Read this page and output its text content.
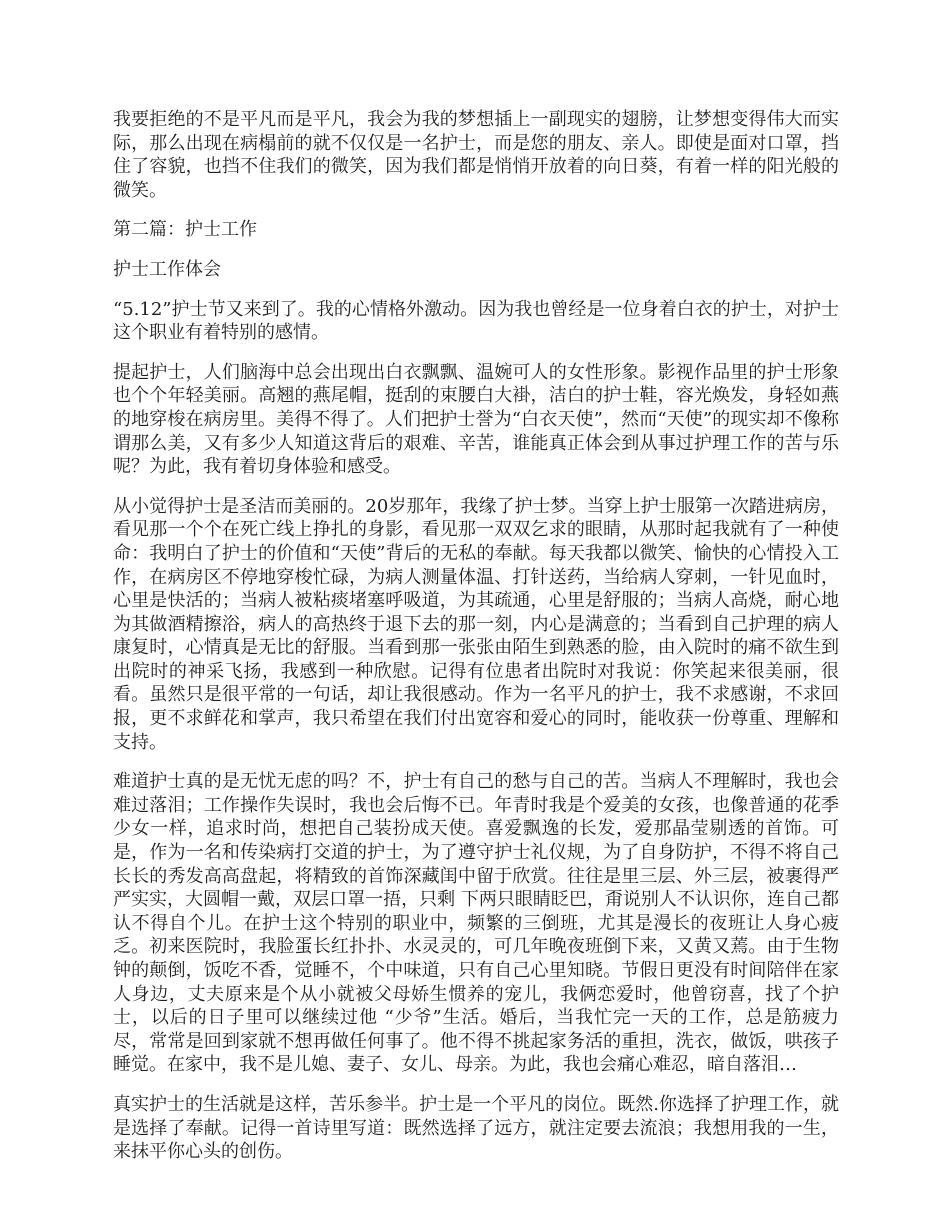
我要拒绝的不是平凡而是平凡，我会为我的梦想插上一副现实的翅膀，让梦想变得伟大而实际，那么出现在病榻前的就不仅仅是一名护士，而是您的朋友、亲人。即使是面对口罩，挡住了容貌，也挡不住我们的微笑，因为我们都是悄悄开放着的向日葵，有着一样的阳光般的微笑。

第二篇：护士工作

护士工作体会

“5.12”护士节又来到了。我的心情格外激动。因为我也曾经是一位身着白衣的护士，对护士这个职业有着特别的感情。

提起护士，人们脑海中总会出现出白衣飘飘、温婉可人的女性形象。影视作品里的护士形象也个个年轻美丽。高翘的燕尾帽，挺刮的束腰白大褂，洁白的护士鞋，容光焕发，身轻如燕的地穿梭在病房里。美得不得了。人们把护士誉为“白衣天使”，然而“天使”的现实却不像称谓那么美，又有多少人知道这背后的艰难、辛苦，谁能真正体会到从事过护理工作的苦与乐呢？为此，我有着切身体验和感受。

从小觉得护士是圣洁而美丽的。20岁那年，我缘了护士梦。当穿上护士服第一次踏进病房，看见那一个个在死亡线上挣扎的身影，看见那一双双乞求的眼睛，从那时起我就有了一种使命：我明白了护士的价值和“天使”背后的无私的奉献。每天我都以微笑、愉快的心情投入工作，在病房区不停地穿梭忙碌，为病人测量体温、打针送药，当给病人穿刺，一针见血时，心里是快活的；当病人被粘痰堵塞呼吸道，为其疏通，心里是舒服的；当病人高烧，耐心地为其做酒精擦浴，病人的高热终于退下去的那一刻，内心是满意的；当看到自己护理的病人康复时，心情真是无比的舒服。当看到那一张张由陌生到熟悉的脸，由入院时的痛不欲生到出院时的神采飞扬，我感到一种欣慰。记得有位患者出院时对我说：你笑起来很美丽，很看。虽然只是很平常的一句话，却让我很感动。作为一名平凡的护士，我不求感谢，不求回报，更不求鲜花和掌声，我只希望在我们付出宽容和爱心的同时，能收获一份尊重、理解和支持。

难道护士真的是无忧无虑的吗？不，护士有自己的愁与自己的苦。当病人不理解时，我也会难过落泪；工作操作失误时，我也会后悔不已。年青时我是个爱美的女孩，也像普通的花季少女一样，追求时尚，想把自己装扮成天使。喜爱飘逸的长发，爱那晶莹剔透的首饰。可是，作为一名和传染病打交道的护士，为了遵守护士礼仪规，为了自身防护，不得不将自己长长的秀发高高盘起，将精致的首饰深藏闺中留于欣赏。往往是里三层、外三层，被裹得严严实实，大圆帽一戴，双层口罩一捂，只剩 下两只眼睛眨巴，甭说别人不认识你，连自己都认不得自个儿。在护士这个特别的职业中，频繁的三倒班，尤其是漫长的夜班让人身心疲乏。初来医院时，我脸蛋长红扑扑、水灵灵的，可几年晚夜班倒下来，又黄又蔫。由于生物钟的颠倒，饭吃不香，觉睡不，个中味道，只有自己心里知晓。节假日更没有时间陪伴在家人身边，丈夫原来是个从小就被父母娇生惯养的宠儿，我俩恋爱时，他曾窃喜，找了个护士，以后的日子里可以继续过他 “少爷”生活。婚后，当我忙完一天的工作，总是筋疲力尽，常常是回到家就不想再做任何事了。他不得不挑起家务活的重担，洗衣，做饭，哄孩子睡觉。在家中，我不是儿媳、妻子、女儿、母亲。为此，我也会痛心难忍，暗自落泪…

真实护士的生活就是这样，苦乐参半。护士是一个平凡的岗位。既然.你选择了护理工作，就是选择了奉献。记得一首诗里写道：既然选择了远方，就注定要去流浪；我想用我的一生，来抹平你心头的创伤。
